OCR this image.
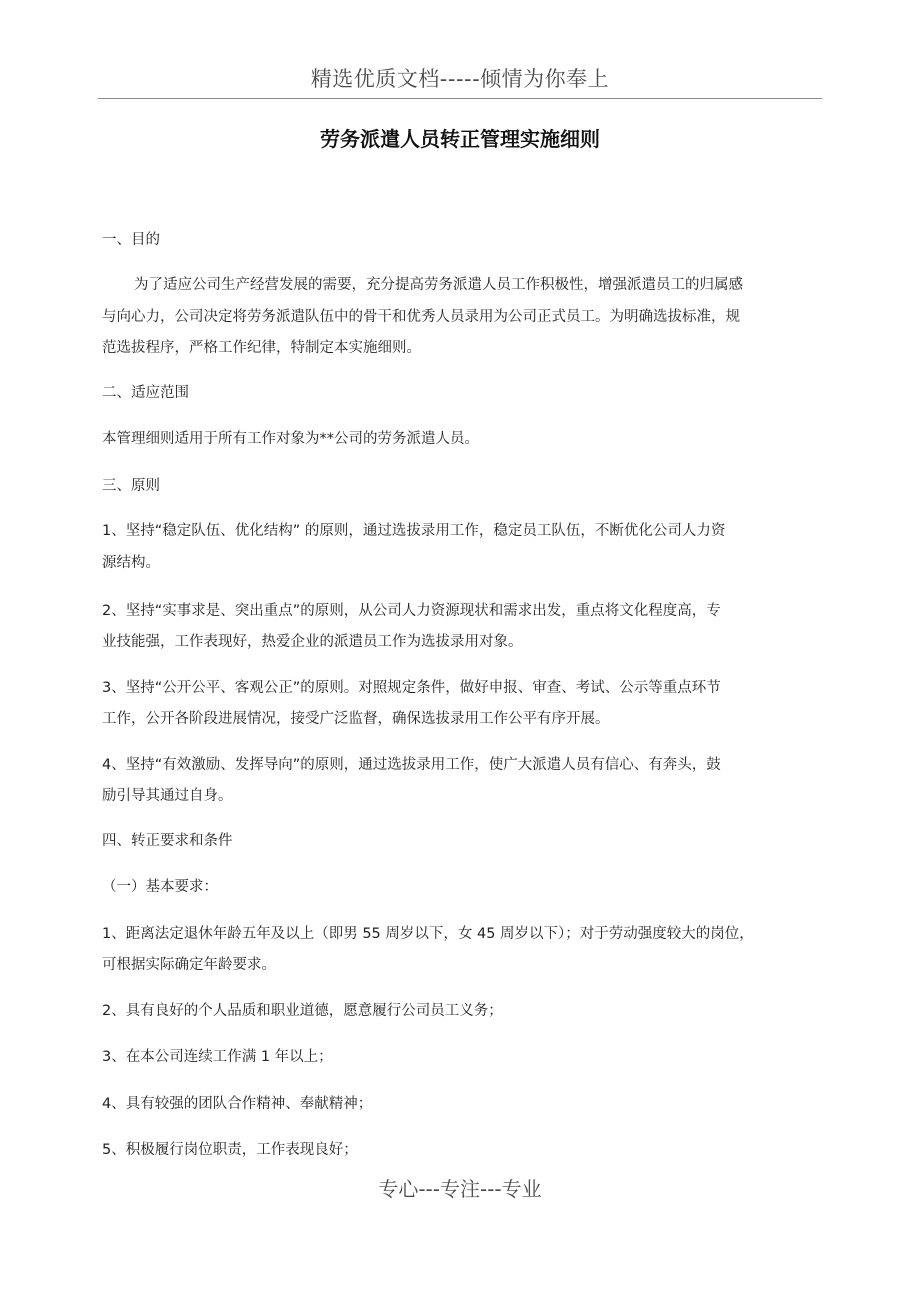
精选优质文档-----倾情为你奉上
劳务派遣人员转正管理实施细则
一、目的
为了适应公司生产经营发展的需要，充分提高劳务派遣人员工作积极性，增强派遣员工的归属感
与向心力，公司决定将劳务派遣队伍中的骨干和优秀人员录用为公司正式员工。为明确选拔标准，规
范选拔程序，严格工作纪律，特制定本实施细则。
二、适应范围
本管理细则适用于所有工作对象为**公司的劳务派遣人员。
三、原则
1、坚持“稳定队伍、优化结构” 的原则，通过选拔录用工作，稳定员工队伍，不断优化公司人力资
源结构。
2、坚持“实事求是、突出重点”的原则，从公司人力资源现状和需求出发，重点将文化程度高，专
业技能强，工作表现好，热爱企业的派遣员工作为选拔录用对象。
3、坚持“公开公平、客观公正”的原则。对照规定条件，做好申报、审查、考试、公示等重点环节
工作，公开各阶段进展情况，接受广泛监督，确保选拔录用工作公平有序开展。
4、坚持“有效激励、发挥导向”的原则，通过选拔录用工作，使广大派遣人员有信心、有奔头，鼓
励引导其通过自身。
四、转正要求和条件
（一）基本要求：
1、距离法定退休年龄五年及以上（即男 55 周岁以下，女 45 周岁以下）；对于劳动强度较大的岗位，
可根据实际确定年龄要求。
2、具有良好的个人品质和职业道德，愿意履行公司员工义务；
3、在本公司连续工作满 1 年以上；
4、具有较强的团队合作精神、奉献精神；
5、积极履行岗位职责，工作表现良好；
专心---专注---专业
